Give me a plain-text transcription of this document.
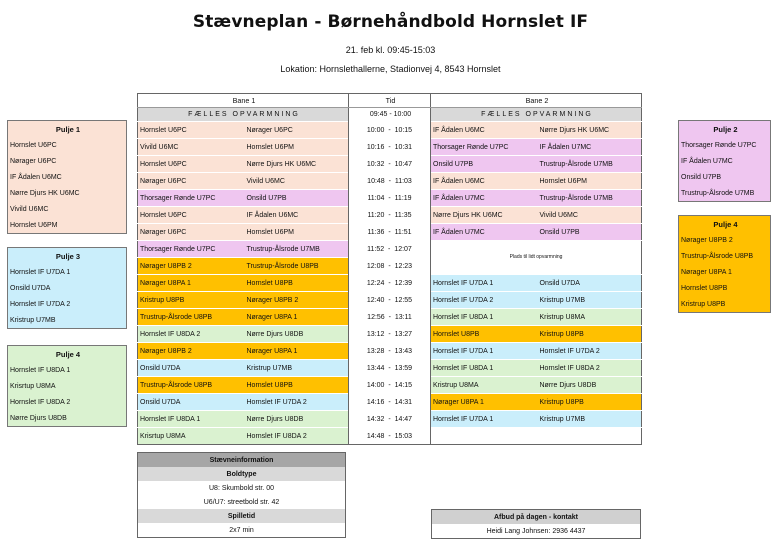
Stævneplan - Børnehåndbold Hornslet IF
21. feb kl. 09:45-15:03
Lokation: Hornslethallerne, Stadionvej 4, 8543 Hornslet
Pulje 1
Hornslet U6PC
Nørager U6PC
IF Ådalen U6MC
Nørre Djurs HK U6MC
Vivild U6MC
Hornslet U6PM
Pulje 3
Hornslet IF U7DA 1
Onsild U7DA
Hornslet IF U7DA 2
Kristrup U7MB
Pulje 4
Hornslet IF U8DA 1
Krisrtup U8MA
Hornslet IF U8DA 2
Nørre Djurs U8DB
Pulje 2
Thorsager Rønde U7PC
IF Ådalen U7MC
Onsild U7PB
Trustrup-Ålsrode U7MB
Pulje 4
Nørager U8PB 2
Trustrup-Ålsrode U8PB
Nørager U8PA 1
Hornslet U8PB
Kristrup U8PB
Bane 1		Tid	Bane 2	
FÆLLES OPVARMNING		09:45 - 10:00	FÆLLES OPVARMNING	
Hornslet U6PC	Nørager U6PC	10:00  -  10:15	IF Ådalen U6MC	Nørre Djurs HK U6MC
Vivild U6MC	Hornslet U6PM	10:16  -  10:31	Thorsager Rønde U7PC	IF Ådalen U7MC
Hornslet U6PC	Nørre Djurs HK U6MC	10:32  -  10:47	Onsild U7PB	Trustrup-Ålsrode U7MB
Nørager U6PC	Vivild U6MC	10:48  -  11:03	IF Ådalen U6MC	Hornslet U6PM
Thorsager Rønde U7PC	Onsild U7PB	11:04  -  11:19	IF Ådalen U7MC	Trustrup-Ålsrode U7MB
Hornslet U6PC	IF Ådalen U6MC	11:20  -  11:35	Nørre Djurs HK U6MC	Vivild U6MC
Nørager U6PC	Hornslet U6PM	11:36  -  11:51	IF Ådalen U7MC	Onsild U7PB
Thorsager Rønde U7PC	Trustrup-Ålsrode U7MB	11:52  -  12:07	Plads til lidt opvarmning	
Nørager U8PB 2	Trustrup-Ålsrode U8PB	12:08  -  12:23		
Nørager U8PA 1	Hornslet U8PB	12:24  -  12:39	Hornslet IF U7DA 1	Onsild U7DA
Kristrup U8PB	Nørager U8PB 2	12:40  -  12:55	Hornslet IF U7DA 2	Kristrup U7MB
Trustrup-Ålsrode U8PB	Nørager U8PA 1	12:56  -  13:11	Hornslet IF U8DA 1	Kristrup U8MA
Hornslet IF U8DA 2	Nørre Djurs U8DB	13:12  -  13:27	Hornslet U8PB	Kristrup U8PB
Nørager U8PB 2	Nørager U8PA 1	13:28  -  13:43	Hornslet IF U7DA 1	Hornslet IF U7DA 2
Onsild U7DA	Kristrup U7MB	13:44  -  13:59	Hornslet IF U8DA 1	Hornslet IF U8DA 2
Trustrup-Ålsrode U8PB	Hornslet U8PB	14:00  -  14:15	Kristrup U8MA	Nørre Djurs U8DB
Onsild U7DA	Hornslet IF U7DA 2	14:16  -  14:31	Nørager U8PA 1	Kristrup U8PB
Hornslet IF U8DA 1	Nørre Djurs U8DB	14:32  -  14:47	Hornslet IF U7DA 1	Kristrup U7MB
Krisrtup U8MA	Hornslet IF U8DA 2	14:48  -  15:03		
Stævneinformation
Boldtype
U8: Skumbold str. 00
U6/U7: streetbold str. 42
Spilletid
2x7 min
Afbud på dagen - kontakt
Heidi Lang Johnsen: 2936 4437
